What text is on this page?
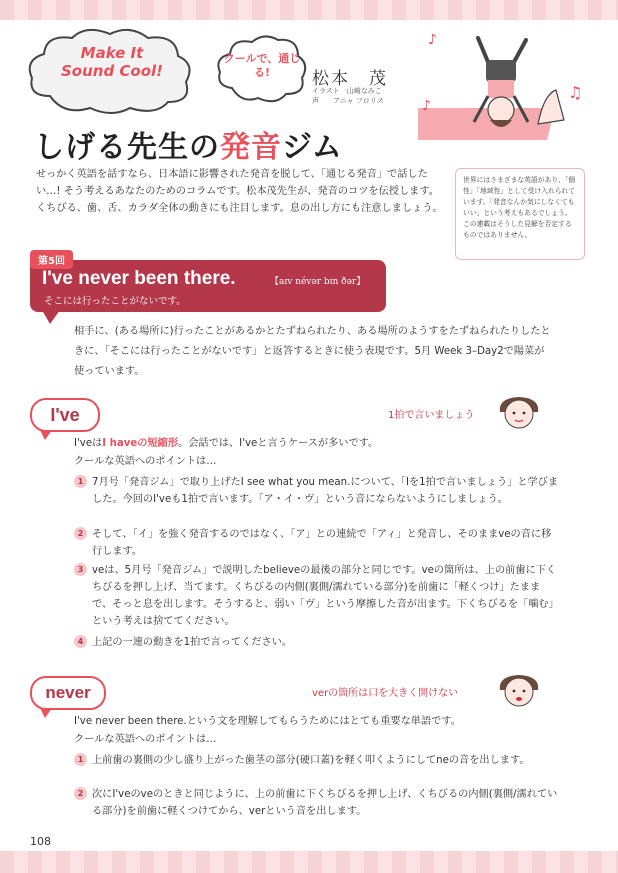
Make It Sound Cool!
クールで、通じる!	松本　茂
イラスト　山崎なみこ
声　　アニャ フロリス
♪
♫
♪
しげる先生の発音ジム
せっかく英語を話すなら、日本語に影響された発音を脱して、「通じる発音」で話したい…! そう考えるあなたのためのコラムです。松本茂先生が、発音のコツを伝授します。 くちびる、歯、舌、カラダ全体の動きにも注目します。息の出し方にも注意しましょう。
世界にはさまざまな英語があり、「個性」「地域性」として受け入れられています。「発音なんか気にしなくてもいい」という考えもあるでしょう。この連載はそうした見解を否定するものではありません。
第5回
I've never been there.	【aɪv névər bɪn ðər】
そこには行ったことがないです。
相手に、(ある場所に)行ったことがあるかとたずねられたり、ある場所のようすをたずねられたりしたときに、「そこには行ったことがないです」と返答するときに使う表現です。5月 Week 3–Day2で陽菜が使っています。
I've	1拍で言いましょう
I'veはI haveの短縮形。会話では、I'veと言うケースが多いです。
クールな英語へのポイントは…
1 7月号「発音ジム」で取り上げたI see what you mean.について、「Iを1拍で言いましょう」と学びました。今回のI'veも1拍で言います。「ア・イ・ヴ」という音にならないようにしましょう。
2 そして、「イ」を強く発音するのではなく、「ア」との連続で「アィ」と発音し、そのままveの音に移行します。
3 veは、5月号「発音ジム」で説明したbelieveの最後の部分と同じです。veの箇所は、上の前歯に下くちびるを押し上げ、当てます。くちびるの内側(裏側/濡れている部分)を前歯に「軽くつけ」たままで、そっと息を出します。そうすると、弱い「ヴ」という摩擦した音が出ます。下くちびるを「噛む」という考えは捨ててください。
4 上記の一連の動きを1拍で言ってください。
never	verの箇所は口を大きく開けない
I've never been there.という文を理解してもらうためにはとても重要な単語です。
クールな英語へのポイントは…
1 上前歯の裏側の少し盛り上がった歯茎の部分(硬口蓋)を軽く叩くようにしてneの音を出します。
2 次にI'veのveのときと同じように、上の前歯に下くちびるを押し上げ、くちびるの内側(裏側/濡れている部分)を前歯に軽くつけてから、verという音を出します。
108
